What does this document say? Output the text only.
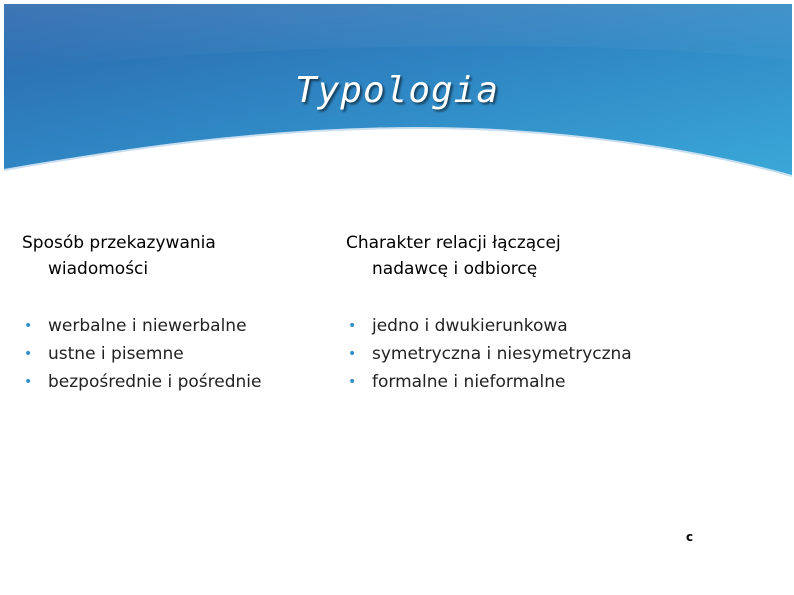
Typologia

Sposób przekazywania
wiadomości

• werbalne i niewerbalne
• ustne i pisemne
• bezpośrednie i pośrednie

Charakter relacji łączącej
nadawcę i odbiorcę

• jedno i dwukierunkowa
• symetryczna i niesymetryczna
• formalne i nieformalne
c
